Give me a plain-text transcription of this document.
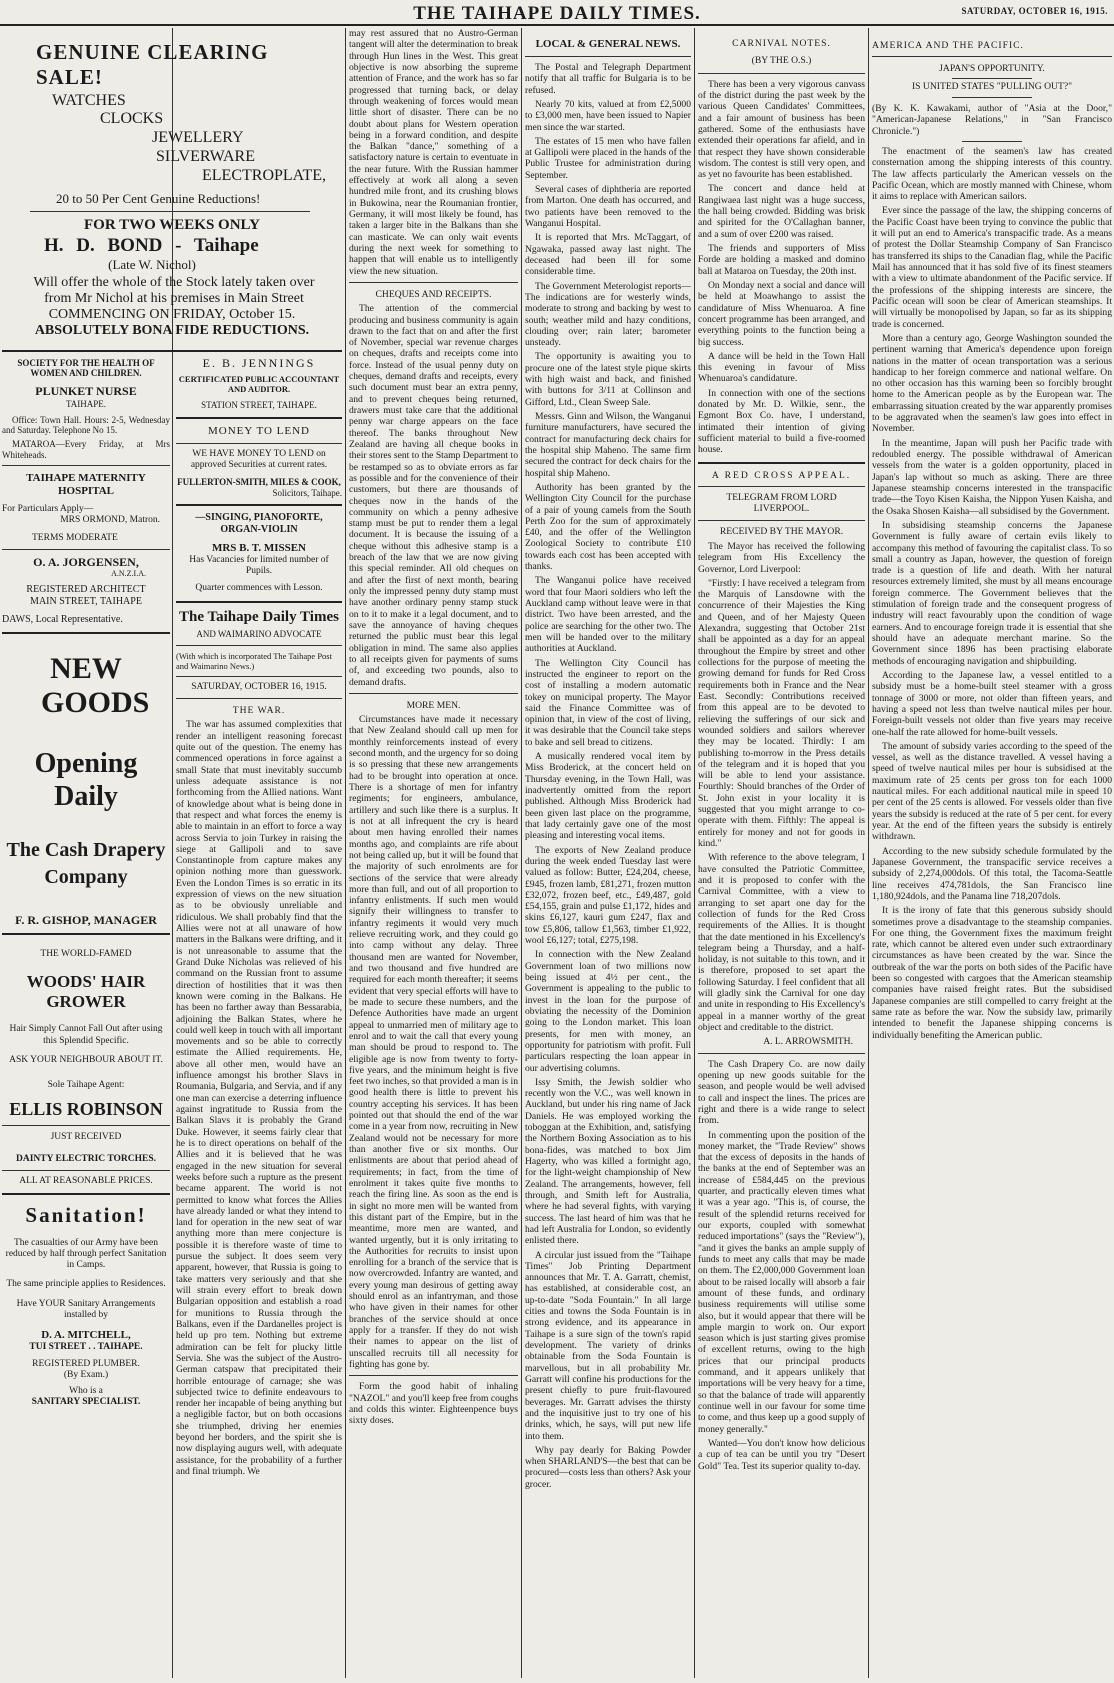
THE TAIHAPE DAILY TIMES.	SATURDAY, OCTOBER 16, 1915.
GENUINE CLEARING SALE!
WATCHES
CLOCKS
JEWELLERY
SILVERWARE
ELECTROPLATE,
20 to 50 Per Cent Genuine Reductions!
FOR TWO WEEKS ONLY
H. D. BOND - Taihape
(Late W. Nichol)
Will offer the whole of the Stock lately taken over from Mr Nichol at his premises in Main Street
COMMENCING ON FRIDAY, October 15.
ABSOLUTELY BONA FIDE REDUCTIONS.
SOCIETY FOR THE HEALTH OF WOMEN AND CHILDREN.
PLUNKET NURSE
TAIHAPE.

Office: Town Hall. Hours: 2-5, Wednesday and Saturday. Telephone No 15.

MATAROA—Every Friday, at Mrs Whiteheads.

TAIHAPE MATERNITY HOSPITAL
For Particulars Apply—
MRS ORMOND, Matron.
TERMS MODERATE
O. A. JORGENSEN,
A.N.Z.I.A.
REGISTERED ARCHITECT
MAIN STREET, TAIHAPE
DAWS, Local Representative.
NEW GOODS
Opening Daily
The Cash Drapery Company
F. R. GISHOP, MANAGER
THE WORLD-FAMED
WOODS' HAIR GROWER
Hair Simply Cannot Fall Out after using this Splendid Specific.
ASK YOUR NEIGHBOUR ABOUT IT.
Sole Taihape Agent:
ELLIS ROBINSON
JUST RECEIVED
DAINTY ELECTRIC TORCHES.
ALL AT REASONABLE PRICES.
Sanitation!
The casualties of our Army have been reduced by half through perfect Sanitation in Camps.
The same principle applies to Residences.
Have YOUR Sanitary Arrangements installed by
D. A. MITCHELL,
TUI STREET . . TAIHAPE.
REGISTERED PLUMBER.
(By Exam.)
Who is a
SANITARY SPECIALIST.
E. B. JENNINGS
CERTIFICATED PUBLIC ACCOUNTANT AND AUDITOR.
STATION STREET, TAIHAPE.
MONEY TO LEND
WE HAVE MONEY TO LEND on approved Securities at current rates.
FULLERTON-SMITH, MILES & COOK,
Solicitors, Taihape.
—SINGING, PIANOFORTE, ORGAN-VIOLIN
MRS B. T. MISSEN
Has Vacancies for limited number of Pupils.
Quarter commences with Lesson.
The Taihape Daily Times
AND WAIMARINO ADVOCATE
(With which is incorporated The Taihape Post and Waimarino News.)
SATURDAY, OCTOBER 16, 1915.
THE WAR.

The war has assumed complexities that render an intelligent reasoning forecast quite out of the question. The enemy has commenced operations in force against a small State that must inevitably succumb unless adequate assistance is not forthcoming from the Allied nations. Want of knowledge about what is being done in that respect and what forces the enemy is able to maintain in an effort to force a way across Servia to join Turkey in raising the siege at Gallipoli and to save Constantinople from capture makes any opinion nothing more than guesswork. Even the London Times is so erratic in its expression of views on the new situation as to be obviously unreliable and ridiculous. We shall probably find that the Allies were not at all unaware of how matters in the Balkans were drifting, and it is not unreasonable to assume that the Grand Duke Nicholas was relieved of his command on the Russian front to assume direction of hostilities that it was then known were coming in the Balkans. He has been no farther away than Bessarabia, adjoining the Balkan States, where he could well keep in touch with all important movements and so be able to correctly estimate the Allied requirements. He, above all other men, would have an influence amongst his brother Slavs in Roumania, Bulgaria, and Servia, and if any one man can exercise a deterring influence against ingratitude to Russia from the Balkan Slavs it is probably the Grand Duke. However, it seems fairly clear that he is to direct operations on behalf of the Allies and it is believed that he was engaged in the new situation for several weeks before such a rupture as the present became apparent. The world is not permitted to know what forces the Allies have already landed or what they intend to land for operation in the new seat of war anything more than mere conjecture is possible it is therefore waste of time to pursue the subject. It does seem very apparent, however, that Russia is going to take matters very seriously and that she will strain every effort to break down Bulgarian opposition and establish a road for munitions to Russia through the Balkans, even if the Dardanelles project is held up pro tem. Nothing but extreme admiration can be felt for plucky little Servia. She was the subject of the Austro-German catspaw that precipitated their horrible entourage of carnage; she was subjected twice to definite endeavours to render her incapable of being anything but a negligible factor, but on both occasions she triumphed, driving her enemies beyond her borders, and the spirit she is now displaying augurs well, with adequate assistance, for the probability of a further and final triumph. We

may rest assured that no Austro-German tangent will alter the determination to break through Hun lines in the West. This great objective is now absorbing the supreme attention of France, and the work has so far progressed that turning back, or delay through weakening of forces would mean little short of disaster. There can be no doubt about plans for Western operation being in a forward condition, and despite the Balkan "dance," something of a satisfactory nature is certain to eventuate in the near future. With the Russian hammer effectively at work all along a seven hundred mile front, and its crushing blows in Bukowina, near the Roumanian frontier, Germany, it will most likely be found, has taken a larger bite in the Balkans than she can masticate. We can only wait events during the next week for something to happen that will enable us to intelligently view the new situation.

CHEQUES AND RECEIPTS.

The attention of the commercial producing and business community is again drawn to the fact that on and after the first of November, special war revenue charges on cheques, drafts and receipts come into force. Instead of the usual penny duty on cheques, demand drafts and receipts, every such document must bear an extra penny, and to prevent cheques being returned, drawers must take care that the additional penny war charge appears on the face thereof. The banks throughout New Zealand are having all cheque books in their stores sent to the Stamp Department to be restamped so as to obviate errors as far as possible and for the convenience of their customers, but there are thousands of cheques now in the hands of the community on which a penny adhesive stamp must be put to render them a legal document. It is because the issuing of a cheque without this adhesive stamp is a breach of the law that we are now giving this special reminder. All old cheques on and after the first of next month, bearing only the impressed penny duty stamp must have another ordinary penny stamp stuck on to it to make it a legal document, and to save the annoyance of having cheques returned the public must bear this legal obligation in mind. The same also applies to all receipts given for payments of sums of, and exceeding two pounds, also to demand drafts.

MORE MEN.

Circumstances have made it necessary that New Zealand should call up men for monthly reinforcements instead of every second month, and the urgency for so doing is so pressing that these new arrangements had to be brought into operation at once. There is a shortage of men for infantry regiments; for engineers, ambulance, artillery and such like there is a surplus. It is not at all infrequent the cry is heard about men having enrolled their names months ago, and complaints are rife about not being called up, but it will be found that the majority of such enrolments are for sections of the service that were already more than full, and out of all proportion to infantry enlistments. If such men would signify their willingness to transfer to infantry regiments it would very much relieve recruiting work, and they could go into camp without any delay. Three thousand men are wanted for November, and two thousand and five hundred are required for each month thereafter; it seems evident that very special efforts will have to be made to secure these numbers, and the Defence Authorities have made an urgent appeal to unmarried men of military age to enrol and to wait the call that every young man should be proud to respond to. The eligible age is now from twenty to forty-five years, and the minimum height is five feet two inches, so that provided a man is in good health there is little to prevent his country accepting his services. It has been pointed out that should the end of the war come in a year from now, recruiting in New Zealand would not be necessary for more than another five or six months. Our enlistments are about that period ahead of requirements; in fact, from the time of enrolment it takes quite five months to reach the firing line. As soon as the end is in sight no more men will be wanted from this distant part of the Empire, but in the meantime, more men are wanted, and wanted urgently, but it is only irritating to the Authorities for recruits to insist upon enrolling for a branch of the service that is now overcrowded. Infantry are wanted, and every young man desirous of getting away should enrol as an infantryman, and those who have given in their names for other branches of the service should at once apply for a transfer. If they do not wish their names to appear on the list of unscalled recruits till all necessity for fighting has gone by.

Form the good habit of inhaling "NAZOL" and you'll keep free from coughs and colds this winter. Eighteenpence buys sixty doses.

LOCAL & GENERAL NEWS.

The Postal and Telegraph Department notify that all traffic for Bulgaria is to be refused.

Nearly 70 kits, valued at from £2,5000 to £3,000 men, have been issued to Napier men since the war started.

The estates of 15 men who have fallen at Gallipoli were placed in the hands of the Public Trustee for administration during September.

Several cases of diphtheria are reported from Marton. One death has occurred, and two patients have been removed to the Wanganui Hospital.

It is reported that Mrs. McTaggart, of Ngawaka, passed away last night. The deceased had been ill for some considerable time.

The Government Meterologist reports—The indications are for westerly winds, moderate to strong and backing by west to south; weather mild and hazy conditions, clouding over; rain later; barometer unsteady.

The opportunity is awaiting you to procure one of the latest style pique skirts with high waist and back, and finished with buttons for 3/11 at Collinson and Gifford, Ltd., Clean Sweep Sale.

Messrs. Ginn and Wilson, the Wanganui furniture manufacturers, have secured the contract for manufacturing deck chairs for the hospital ship Maheno. The same firm secured the contract for deck chairs for the hospital ship Maheno.

Authority has been granted by the Wellington City Council for the purchase of a pair of young camels from the South Perth Zoo for the sum of approximately £40, and the offer of the Wellington Zoological Society to contribute £10 towards each cost has been accepted with thanks.

The Wanganui police have received word that four Maori soldiers who left the Auckland camp without leave were in that district. Two have been arrested, and the police are searching for the other two. The men will be handed over to the military authorities at Auckland.

The Wellington City Council has instructed the engineer to report on the cost of installing a modern automatic tokey on municipal property. The Mayor said the Finance Committee was of opinion that, in view of the cost of living, it was desirable that the Council take steps to bake and sell bread to citizens.

A musically rendered vocal item by Miss Broderick, at the concert held on Thursday evening, in the Town Hall, was inadvertently omitted from the report published. Although Miss Broderick had been given last place on the programme, that lady certainly gave one of the most pleasing and interesting vocal items.

The exports of New Zealand produce during the week ended Tuesday last were valued as follow: Butter, £24,204, cheese, £945, frozen lamb, £81,271, frozen mutton £32,072, frozen beef, etc., £49,487, gold £54,155, grain and pulse £1,172, hides and skins £6,127, kauri gum £247, flax and tow £5,806, tallow £1,563, timber £1,922, wool £6,127; total, £275,198.

In connection with the New Zealand Government loan of two millions now being issued at 4½ per cent., the Government is appealing to the public to invest in the loan for the purpose of obviating the necessity of the Dominion going to the London market. This loan presents, for men with money, an opportunity for patriotism with profit. Full particulars respecting the loan appear in our advertising columns.

Issy Smith, the Jewish soldier who recently won the V.C., was well known in Auckland, but under his ring name of Jack Daniels. He was employed working the toboggan at the Exhibition, and, satisfying the Northern Boxing Association as to his bona-fides, was matched to box Jim Hagerty, who was killed a fortnight ago, for the light-weight championship of New Zealand. The arrangements, however, fell through, and Smith left for Australia, where he had several fights, with varying success. The last heard of him was that he had left Australia for London, so evidently enlisted there.

A circular just issued from the "Taihape Times" Job Printing Department announces that Mr. T. A. Garratt, chemist, has established, at considerable cost, an up-to-date "Soda Fountain." In all large cities and towns the Soda Fountain is in strong evidence, and its appearance in Taihape is a sure sign of the town's rapid development. The variety of drinks obtainable from the Soda Fountain is marvellous, but in all probability Mr. Garratt will confine his productions for the present chiefly to pure fruit-flavoured beverages. Mr. Garratt advises the thirsty and the inquisitive just to try one of his drinks, which, he says, will put new life into them.

Why pay dearly for Baking Powder when SHARLAND'S—the best that can be procured—costs less than others? Ask your grocer.

CARNIVAL NOTES.
(BY THE O.S.)

There has been a very vigorous canvass of the district during the past week by the various Queen Candidates' Committees, and a fair amount of business has been gathered. Some of the enthusiasts have extended their operations far afield, and in that respect they have shown considerable wisdom. The contest is still very open, and as yet no favourite has been established.

The concert and dance held at Rangiwaea last night was a huge success, the hall being crowded. Bidding was brisk and spirited for the O'Callaghan banner, and a sum of over £200 was raised.

The friends and supporters of Miss Forde are holding a masked and domino ball at Mataroa on Tuesday, the 20th inst.

On Monday next a social and dance will be held at Moawhango to assist the candidature of Miss Whenuaroa. A fine concert programme has been arranged, and everything points to the function being a big success.

A dance will be held in the Town Hall this evening in favour of Miss Whenuaroa's candidature.

In connection with one of the sections donated by Mr. D. Wilkie, senr., the Egmont Box Co. have, I understand, intimated their intention of giving sufficient material to build a five-roomed house.

A RED CROSS APPEAL.
TELEGRAM FROM LORD LIVERPOOL.
RECEIVED BY THE MAYOR.

The Mayor has received the following telegram from His Excellency the Governor, Lord Liverpool:

"Firstly: I have received a telegram from the Marquis of Lansdowne with the concurrence of their Majesties the King and Queen, and of her Majesty Queen Alexandra, suggesting that October 21st shall be appointed as a day for an appeal throughout the Empire by street and other collections for the purpose of meeting the growing demand for funds for Red Cross requirements both in France and the Near East. Secondly: Contributions received from this appeal are to be devoted to relieving the sufferings of our sick and wounded soldiers and sailors wherever they may be located. Thirdly: I am publishing to-morrow in the Press details of the telegram and it is hoped that you will be able to lend your assistance. Fourthly: Should branches of the Order of St. John exist in your locality it is suggested that you might arrange to co-operate with them. Fifthly: The appeal is entirely for money and not for goods in kind."

With reference to the above telegram, I have consulted the Patriotic Committee, and it is proposed to confer with the Carnival Committee, with a view to arranging to set apart one day for the collection of funds for the Red Cross requirements of the Allies. It is thought that the date mentioned in his Excellency's telegram being a Thursday, and a half-holiday, is not suitable to this town, and it is therefore, proposed to set apart the following Saturday. I feel confident that all will gladly sink the Carnival for one day and unite in responding to His Excellency's appeal in a manner worthy of the great object and creditable to the district.

A. L. ARROWSMITH.

The Cash Drapery Co. are now daily opening up new goods suitable for the season, and people would be well advised to call and inspect the lines. The prices are right and there is a wide range to select from.

In commenting upon the position of the money market, the "Trade Review" shows that the excess of deposits in the hands of the banks at the end of September was an increase of £584,445 on the previous quarter, and practically eleven times what it was a year ago. "This is, of course, the result of the splendid returns received for our exports, coupled with somewhat reduced importations" (says the "Review"), "and it gives the banks an ample supply of funds to meet any calls that may be made on them. The £2,000,000 Government loan about to be raised locally will absorb a fair amount of these funds, and ordinary business requirements will utilise some also, but it would appear that there will be ample margin to work on. Our export season which is just starting gives promise of excellent returns, owing to the high prices that our principal products command, and it appears unlikely that importations will be very heavy for a time, so that the balance of trade will apparently continue well in our favour for some time to come, and thus keep up a good supply of money generally."

Wanted—You don't know how delicious a cup of tea can be until you try "Desert Gold" Tea. Test its superior quality to-day.

AMERICA AND THE PACIFIC.
JAPAN'S OPPORTUNITY.
IS UNITED STATES "PULLING OUT?"

(By K. K. Kawakami, author of "Asia at the Door," "American-Japanese Relations," in "San Francisco Chronicle.")

The enactment of the seamen's law has created consternation among the shipping interests of this country. The law affects particularly the American vessels on the Pacific Ocean, which are mostly manned with Chinese, whom it aims to replace with American sailors.

Ever since the passage of the law, the shipping concerns of the Pacific Coast have been trying to convince the public that it will put an end to America's transpacific trade. As a means of protest the Dollar Steamship Company of San Francisco has transferred its ships to the Canadian flag, while the Pacific Mail has announced that it has sold five of its finest steamers with a view to ultimate abandonment of the Pacific service. If the professions of the shipping interests are sincere, the Pacific ocean will soon be clear of American steamships. It will virtually be monopolised by Japan, so far as its shipping trade is concerned.

More than a century ago, George Washington sounded the pertinent warning that America's dependence upon foreign nations in the matter of ocean transportation was a serious handicap to her foreign commerce and national welfare. On no other occasion has this warning been so forcibly brought home to the American people as by the European war. The embarrassing situation created by the war apparently promises to be aggravated when the seamen's law goes into effect in November.

In the meantime, Japan will push her Pacific trade with redoubled energy. The possible withdrawal of American vessels from the water is a golden opportunity, placed in Japan's lap without so much as asking. There are three Japanese steamship concerns interested in the transpacific trade—the Toyo Kisen Kaisha, the Nippon Yusen Kaisha, and the Osaka Shosen Kaisha—all subsidised by the Government.

In subsidising steamship concerns the Japanese Government is fully aware of certain evils likely to accompany this method of favouring the capitalist class. To so small a country as Japan, however, the question of foreign trade is a question of life and death. With her natural resources extremely limited, she must by all means encourage foreign commerce. The Government believes that the stimulation of foreign trade and the consequent progress of industry will react favourably upon the condition of wage earners. And to encourage foreign trade it is essential that she should have an adequate merchant marine. So the Government since 1896 has been practising elaborate methods of encouraging navigation and shipbuilding.

According to the Japanese law, a vessel entitled to a subsidy must be a home-built steel steamer with a gross tonnage of 3000 or more, not older than fifteen years, and having a speed not less than twelve nautical miles per hour. Foreign-built vessels not older than five years may receive one-half the rate allowed for home-built vessels.

The amount of subsidy varies according to the speed of the vessel, as well as the distance travelled. A vessel having a speed of twelve nautical miles per hour is subsidised at the maximum rate of 25 cents per gross ton for each 1000 nautical miles. For each additional nautical mile in speed 10 per cent of the 25 cents is allowed. For vessels older than five years the subsidy is reduced at the rate of 5 per cent. for every year. At the end of the fifteen years the subsidy is entirely withdrawn.

According to the new subsidy schedule formulated by the Japanese Government, the transpacific service receives a subsidy of 2,274,000dols. Of this total, the Tacoma-Seattle line receives 474,781dols, the San Francisco line 1,180,924dols, and the Panama line 718,207dols.

It is the irony of fate that this generous subsidy should sometimes prove a disadvantage to the steamship companies. For one thing, the Government fixes the maximum freight rate, which cannot be altered even under such extraordinary circumstances as have been created by the war. Since the outbreak of the war the ports on both sides of the Pacific have been so congested with cargoes that the American steamship companies have raised freight rates. But the subsidised Japanese companies are still compelled to carry freight at the same rate as before the war. Now the subsidy law, primarily intended to benefit the Japanese shipping concerns is individually benefiting the American public.
